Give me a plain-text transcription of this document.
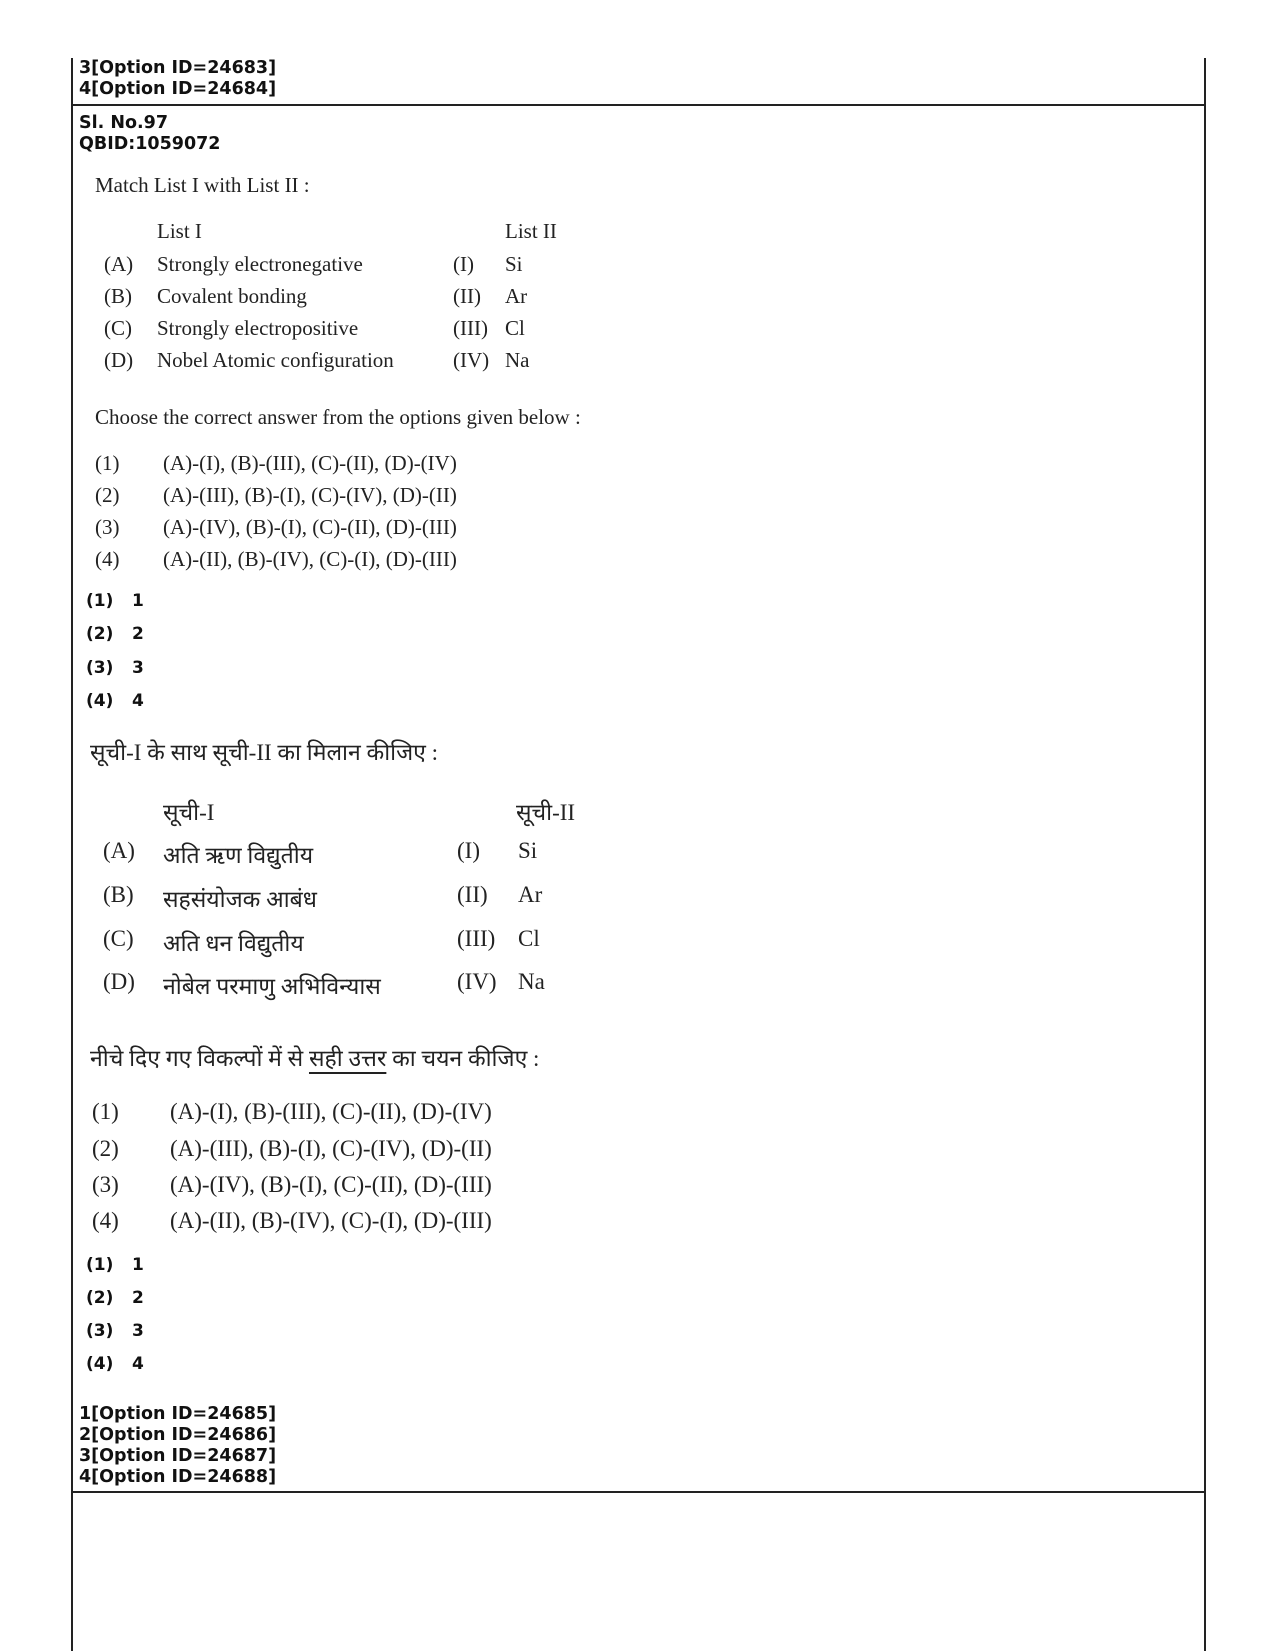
3[Option ID=24683]
4[Option ID=24684]
Sl. No.97
QBID:1059072
Match List I with List II :
List I	List II
(A) Strongly electronegative	(I) Si
(B) Covalent bonding	(II) Ar
(C) Strongly electropositive	(III) Cl
(D) Nobel Atomic configuration	(IV) Na
Choose the correct answer from the options given below :
(1) (A)-(I), (B)-(III), (C)-(II), (D)-(IV)
(2) (A)-(III), (B)-(I), (C)-(IV), (D)-(II)
(3) (A)-(IV), (B)-(I), (C)-(II), (D)-(III)
(4) (A)-(II), (B)-(IV), (C)-(I), (D)-(III)
(1) 1
(2) 2
(3) 3
(4) 4
सूची-I के साथ सूची-II का मिलान कीजिए :
सूची-I	सूची-II
(A) अति ऋण विद्युतीय	(I) Si
(B) सहसंयोजक आबंध	(II) Ar
(C) अति धन विद्युतीय	(III) Cl
(D) नोबेल परमाणु अभिविन्यास	(IV) Na
नीचे दिए गए विकल्पों में से सही उत्तर का चयन कीजिए :
(1) (A)-(I), (B)-(III), (C)-(II), (D)-(IV)
(2) (A)-(III), (B)-(I), (C)-(IV), (D)-(II)
(3) (A)-(IV), (B)-(I), (C)-(II), (D)-(III)
(4) (A)-(II), (B)-(IV), (C)-(I), (D)-(III)
(1) 1
(2) 2
(3) 3
(4) 4
1[Option ID=24685]
2[Option ID=24686]
3[Option ID=24687]
4[Option ID=24688]
